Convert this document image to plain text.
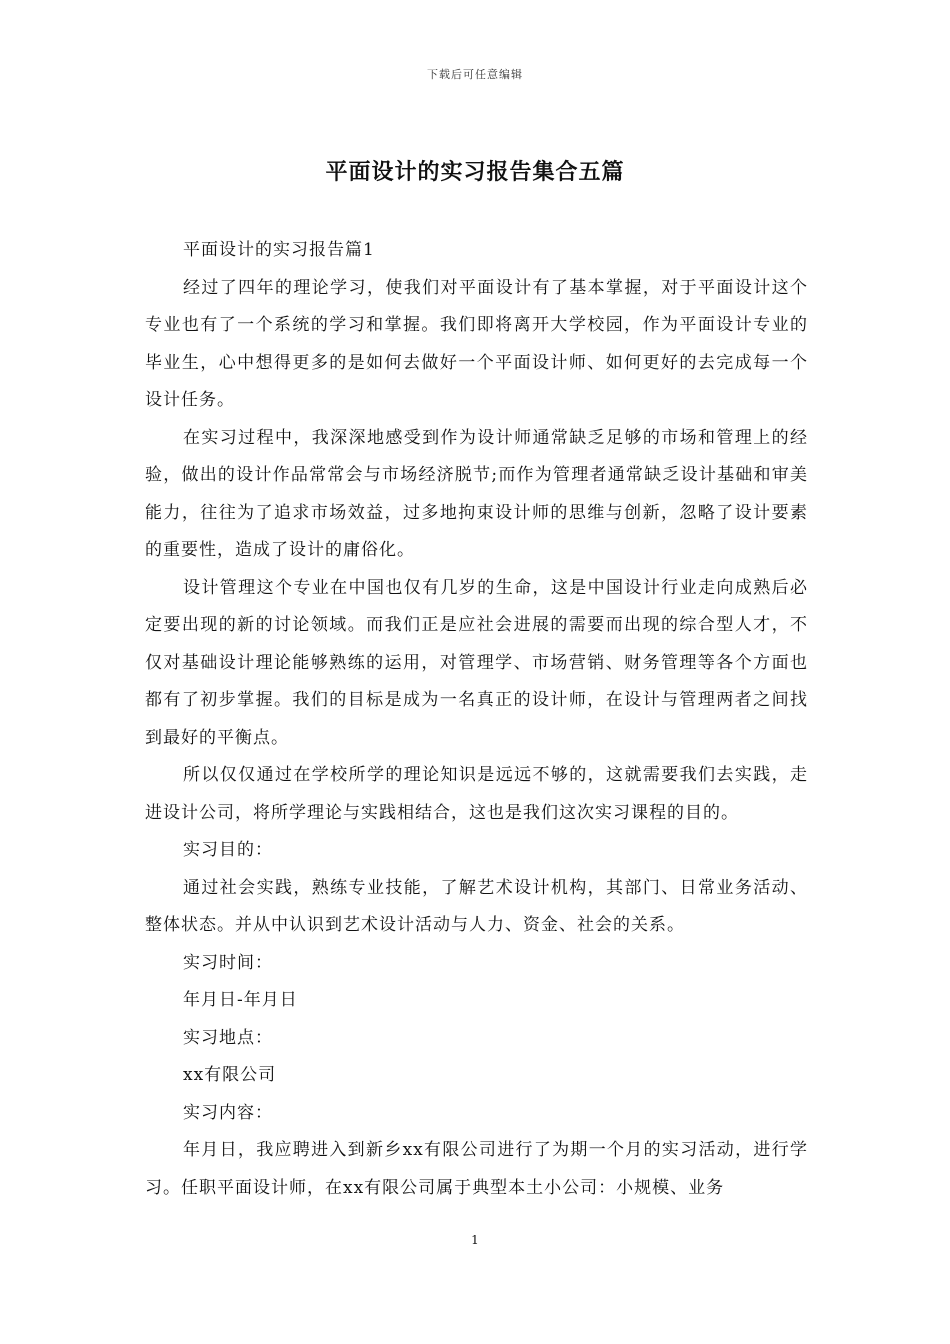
下载后可任意编辑
平面设计的实习报告集合五篇

平面设计的实习报告篇1

经过了四年的理论学习，使我们对平面设计有了基本掌握，对于平面设计这个专业也有了一个系统的学习和掌握。我们即将离开大学校园，作为平面设计专业的毕业生，心中想得更多的是如何去做好一个平面设计师、如何更好的去完成每一个设计任务。

在实习过程中，我深深地感受到作为设计师通常缺乏足够的市场和管理上的经验，做出的设计作品常常会与市场经济脱节;而作为管理者通常缺乏设计基础和审美能力，往往为了追求市场效益，过多地拘束设计师的思维与创新，忽略了设计要素的重要性，造成了设计的庸俗化。

设计管理这个专业在中国也仅有几岁的生命，这是中国设计行业走向成熟后必定要出现的新的讨论领域。而我们正是应社会进展的需要而出现的综合型人才，不仅对基础设计理论能够熟练的运用，对管理学、市场营销、财务管理等各个方面也都有了初步掌握。我们的目标是成为一名真正的设计师，在设计与管理两者之间找到最好的平衡点。

所以仅仅通过在学校所学的理论知识是远远不够的，这就需要我们去实践，走进设计公司，将所学理论与实践相结合，这也是我们这次实习课程的目的。

实习目的：

通过社会实践，熟练专业技能，了解艺术设计机构，其部门、日常业务活动、整体状态。并从中认识到艺术设计活动与人力、资金、社会的关系。

实习时间：

年月日-年月日

实习地点：

xx有限公司

实习内容：

年月日，我应聘进入到新乡xx有限公司进行了为期一个月的实习活动，进行学习。任职平面设计师，在xx有限公司属于典型本土小公司：小规模、业务

1
